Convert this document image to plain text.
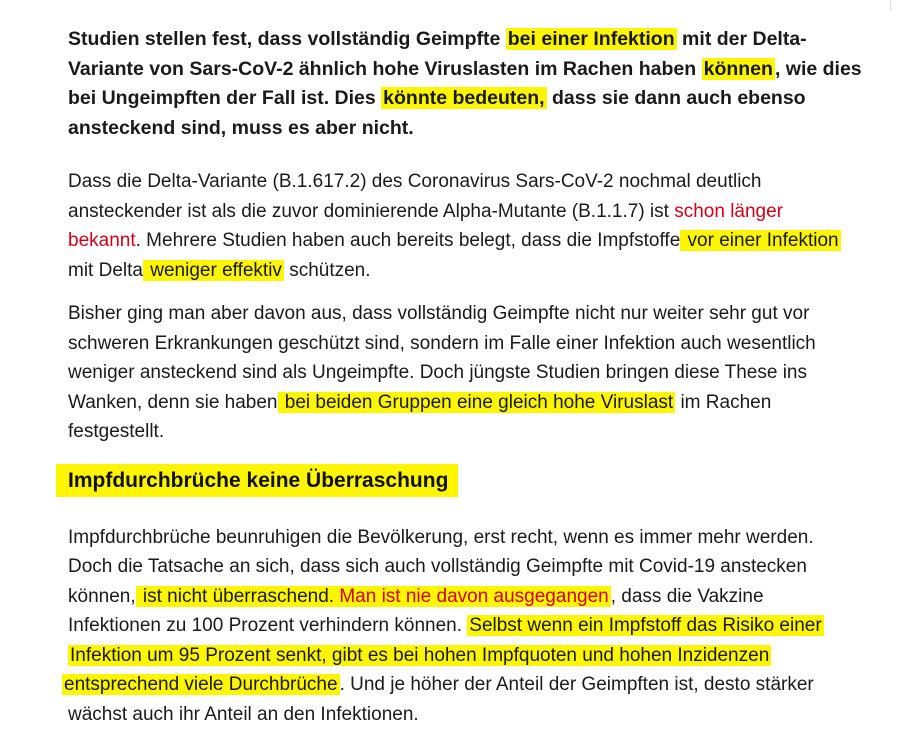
Studien stellen fest, dass vollständig Geimpfte bei einer Infektion mit der Delta-
Variante von Sars-CoV-2 ähnlich hohe Viruslasten im Rachen haben können , wie dies
bei Ungeimpften der Fall ist. Dies könnte bedeuten, dass sie dann auch ebenso
ansteckend sind, muss es aber nicht.
Dass die Delta-Variante (B.1.617.2) des Coronavirus Sars-CoV-2 nochmal deutlich
ansteckender ist als die zuvor dominierende Alpha-Mutante (B.1.1.7) ist schon länger
bekannt. Mehrere Studien haben auch bereits belegt, dass die Impfstoffe vor einer Infektion
mit Delta weniger effektiv schützen.
Bisher ging man aber davon aus, dass vollständig Geimpfte nicht nur weiter sehr gut vor
schweren Erkrankungen geschützt sind, sondern im Falle einer Infektion auch wesentlich
weniger ansteckend sind als Ungeimpfte. Doch jüngste Studien bringen diese These ins
Wanken, denn sie haben bei beiden Gruppen eine gleich hohe Viruslast im Rachen
festgestellt.
Impfdurchbrüche keine Überraschung
Impfdurchbrüche beunruhigen die Bevölkerung, erst recht, wenn es immer mehr werden.
Doch die Tatsache an sich, dass sich auch vollständig Geimpfte mit Covid-19 anstecken
können, ist nicht überraschend. Man ist nie davon ausgegangen , dass die Vakzine
Infektionen zu 100 Prozent verhindern können. Selbst wenn ein Impfstoff das Risiko einer
Infektion um 95 Prozent senkt, gibt es bei hohen Impfquoten und hohen Inzidenzen
entsprechend viele Durchbrüche . Und je höher der Anteil der Geimpften ist, desto stärker
wächst auch ihr Anteil an den Infektionen.
